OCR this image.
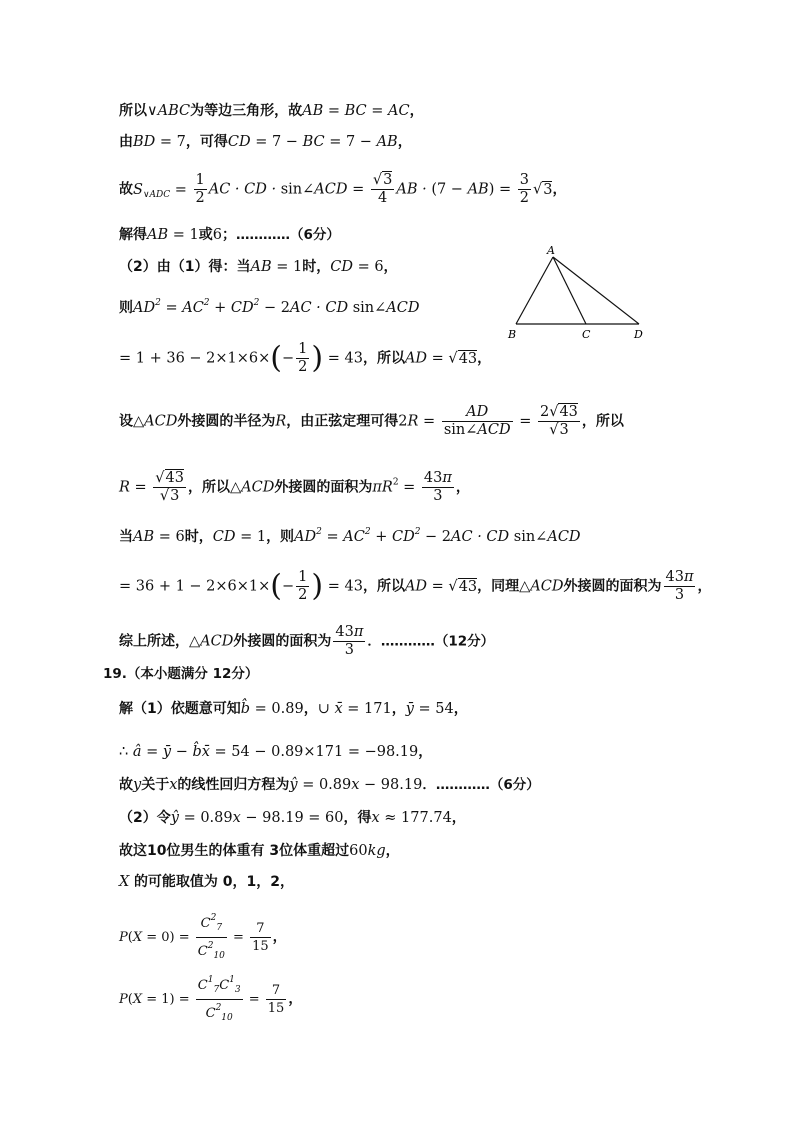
所以∨ABC为等边三角形，故AB = BC = AC，
由BD = 7，可得CD = 7 − BC = 7 − AB，
故$S_{\vee ADC} = \frac{1}{2}$ AC · CD · sin∠ACD = $\frac{√3}{4}$ AB · $(7 - AB) = \frac{3}{2} √3$，
解得AB = 1或6；…………（6分）
（2）由（1）得：当AB = 1时，CD = 6，
则$AD^2 = AC^2 + CD^2 - 2AC$ · CD sin∠ACD
= $1 + 36 - 2\times 1\times 6\times(- \frac{1}{2}$ ) = 43，所以AD = √43，
设△ACD外接圆的半径为R，由正弦定理可得$2R = \frac{AD}{\text{sin∠ACD}} = \frac{2√43}{√3}$ ，所以
$R = \frac{√43}{√3}$ ，所以△ACD外接圆的面积为$\pi R^2 = \frac{43\pi}{3}$ ，
当AB = 6时，CD = 1，则$AD^2 = AC^2 + CD^2 - 2AC$ · CD sin∠ACD
= $36 + 1 - 2\times 6\times 1\times(- \frac{1}{2}$ ) = 43，所以AD = √43，同理△ACD外接圆的面积为 $\frac{43\pi}{3}$ ，
综上所述，△ACD外接圆的面积为 $\frac{43\pi}{3}$ ．…………（12分）
19.（本小题满分 12分）
解（1）依题意可知b̂ = 0.89，∪ x̄ = 171，ȳ = 54，
∴ â = ȳ − b̂x̄ = 54 − 0.89×171 = −98.19，
故y关于x的线性回归方程为ŷ = 0.89x − 98.19．…………（6分）
（2）令ŷ = 0.89x − 98.19 = 60，得x ≈ 177.74，
故这10位男生的体重有 3位体重超过60kg，
X 的可能取值为 0，1，2，
$P(X = 0) = \frac{C^2_7}{C^2_{10}} = \frac{7}{15}$ ，
$P(X = 1) = \frac{C^1_7C^1_3}{C^2_{10}} = \frac{7}{15}$ ，
A
B	C	D
